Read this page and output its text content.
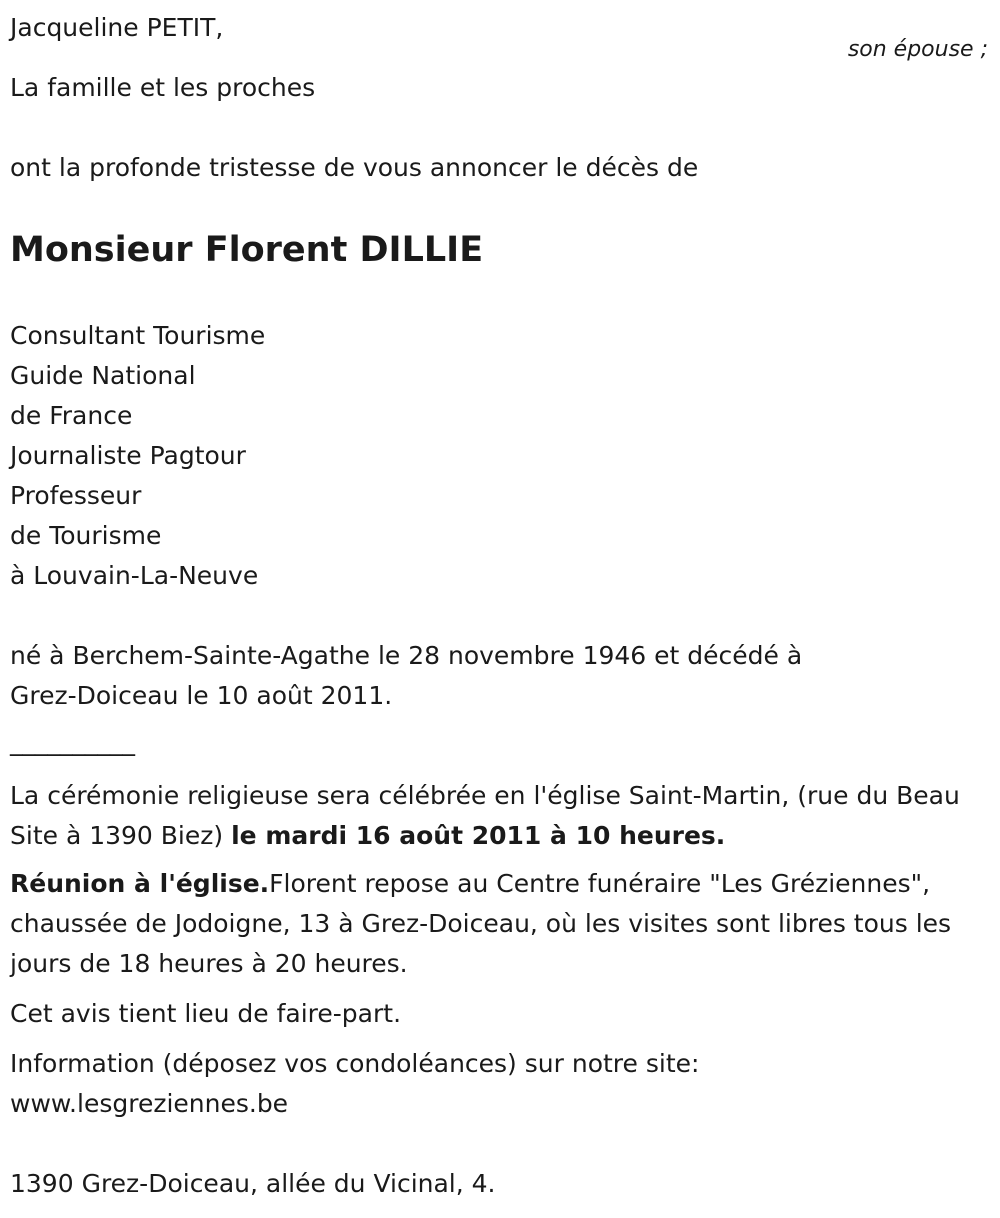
Jacqueline PETIT,
son épouse ;
La famille et les proches
ont la profonde tristesse de vous annoncer le décès de
Monsieur Florent DILLIE
Consultant Tourisme
Guide National
de France
Journaliste Pagtour
Professeur
de Tourisme
à Louvain-La-Neuve
né à Berchem-Sainte-Agathe le 28 novembre 1946 et décédé à
Grez-Doiceau le 10 août 2011.
__________
La cérémonie religieuse sera célébrée en l'église Saint-Martin, (rue du Beau Site à 1390 Biez) le mardi 16 août 2011 à 10 heures.
Réunion à l'église.Florent repose au Centre funéraire "Les Gréziennes", chaussée de Jodoigne, 13 à Grez-Doiceau, où les visites sont libres tous les jours de 18 heures à 20 heures.
Cet avis tient lieu de faire-part.
Information (déposez vos condoléances) sur notre site:
www.lesgreziennes.be
1390 Grez-Doiceau, allée du Vicinal, 4.
